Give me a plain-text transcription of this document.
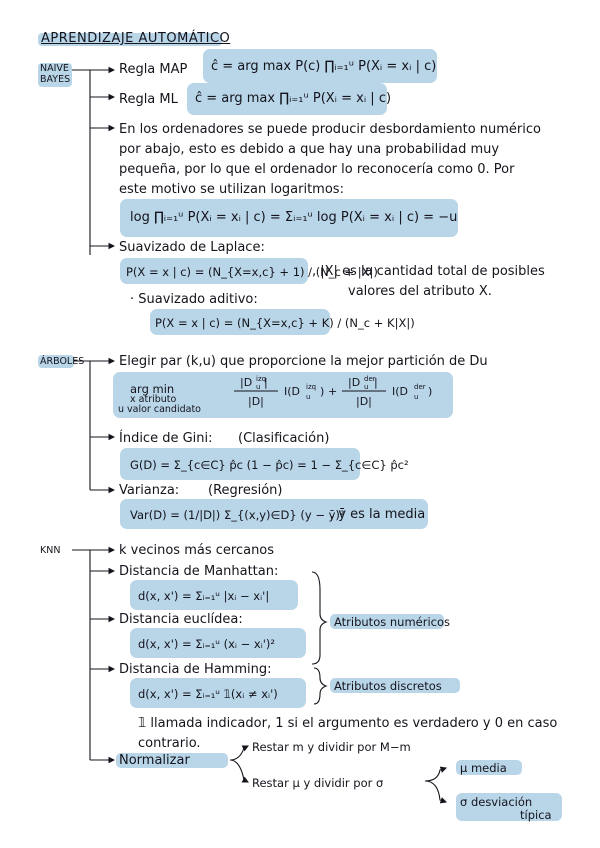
APRENDIZAJE AUTOMÁTICO
NAIVE BAYES
Regla MAP ĉ = arg max P(c) ∏ᵢ₌₁ᵘ P(Xᵢ = xᵢ | c)
Regla ML ĉ = arg max ∏ᵢ₌₁ᵘ P(Xᵢ = xᵢ | c)
En los ordenadores se puede producir desbordamiento numérico
por abajo, esto es debido a que hay una probabilidad muy
pequeña, por lo que el ordenador lo reconocería como 0. Por
este motivo se utilizan logaritmos:
log ∏ᵢ₌₁ᵘ P(Xᵢ = xᵢ | c) = Σᵢ₌₁ᵘ log P(Xᵢ = xᵢ | c) = −u
Suavizado de Laplace:
P(X = x | c) = (N_{X=x,c} + 1) / (N_c + |X|)
, |X| es la cantidad total de posibles
valores del atributo X.
· Suavizado aditivo:
P(X = x | c) = (N_{X=x,c} + K) / (N_c + K|X|)
ÁRBOLES	Elegir par (k,u) que proporcione la mejor partición de Du
arg min
x atributo
u valor candidato
|D izq
u |
|D|
I(D izq
u ) +
|D der
u |
|D|
I(D der
u )
Índice de Gini: (Clasificación)
G(D) = Σ_{c∈C} p̂c (1 − p̂c) = 1 − Σ_{c∈C} p̂c²
Varianza: (Regresión)
Var(D) = (1/|D|) Σ_{(x,y)∈D} (y − ȳ)²
, ȳ es la media
KNN	k vecinos más cercanos
Distancia de Manhattan:
d(x, x') = Σᵢ₌₁ᵘ |xᵢ − xᵢ'|
Distancia euclídea:
d(x, x') = Σᵢ₌₁ᵘ (xᵢ − xᵢ')²
Atributos numéricos
Distancia de Hamming:
d(x, x') = Σᵢ₌₁ᵘ 𝟙(xᵢ ≠ xᵢ')
Atributos discretos
𝟙 llamada indicador, 1 si el argumento es verdadero y 0 en caso
contrario.
Normalizar
Restar m y dividir por M−m
Restar μ y dividir por σ
μ media
σ desviación
típica
